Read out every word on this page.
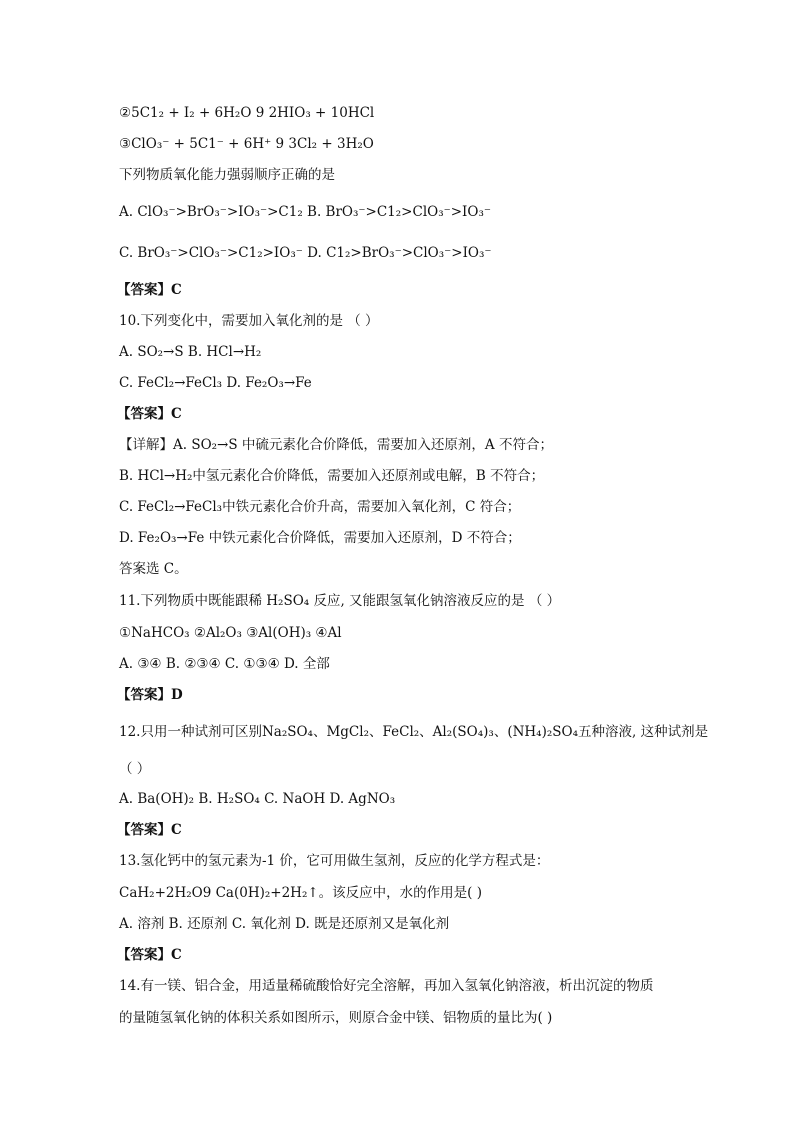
②5C1₂ + I₂ + 6H₂O 9 2HIO₃ + 10HCl
③ClO₃⁻ + 5C1⁻ + 6H⁺ 9 3Cl₂ + 3H₂O
下列物质氧化能力强弱顺序正确的是
A. ClO₃⁻>BrO₃⁻>IO₃⁻>C1₂ B. BrO₃⁻>C1₂>ClO₃⁻>IO₃⁻
C. BrO₃⁻>ClO₃⁻>C1₂>IO₃⁻ D. C1₂>BrO₃⁻>ClO₃⁻>IO₃⁻
【答案】C
10.下列变化中，需要加入氧化剂的是 （ ）
A. SO₂→S B. HCl→H₂
C. FeCl₂→FeCl₃ D. Fe₂O₃→Fe
【答案】C
【详解】A. SO₂→S 中硫元素化合价降低，需要加入还原剂，A 不符合；
B. HCl→H₂中氢元素化合价降低，需要加入还原剂或电解，B 不符合；
C. FeCl₂→FeCl₃中铁元素化合价升高，需要加入氧化剂，C 符合；
D. Fe₂O₃→Fe 中铁元素化合价降低，需要加入还原剂，D 不符合；
答案选 C。
11.下列物质中既能跟稀 H₂SO₄ 反应, 又能跟氢氧化钠溶液反应的是 （ ）
①NaHCO₃ ②Al₂O₃ ③Al(OH)₃ ④Al
A. ③④ B. ②③④ C. ①③④ D. 全部
【答案】D
12.只用一种试剂可区别Na₂SO₄、MgCl₂、FeCl₂、Al₂(SO₄)₃、(NH₄)₂SO₄五种溶液, 这种试剂是
（ ）
A. Ba(OH)₂ B. H₂SO₄ C. NaOH D. AgNO₃
【答案】C
13.氢化钙中的氢元素为-1 价，它可用做生氢剂，反应的化学方程式是：
CaH₂+2H₂O9 Ca(0H)₂+2H₂↑。该反应中，水的作用是( )
A. 溶剂 B. 还原剂 C. 氧化剂 D. 既是还原剂又是氧化剂
【答案】C
14.有一镁、铝合金，用适量稀硫酸恰好完全溶解，再加入氢氧化钠溶液，析出沉淀的物质
的量随氢氧化钠的体积关系如图所示，则原合金中镁、铝物质的量比为( )
